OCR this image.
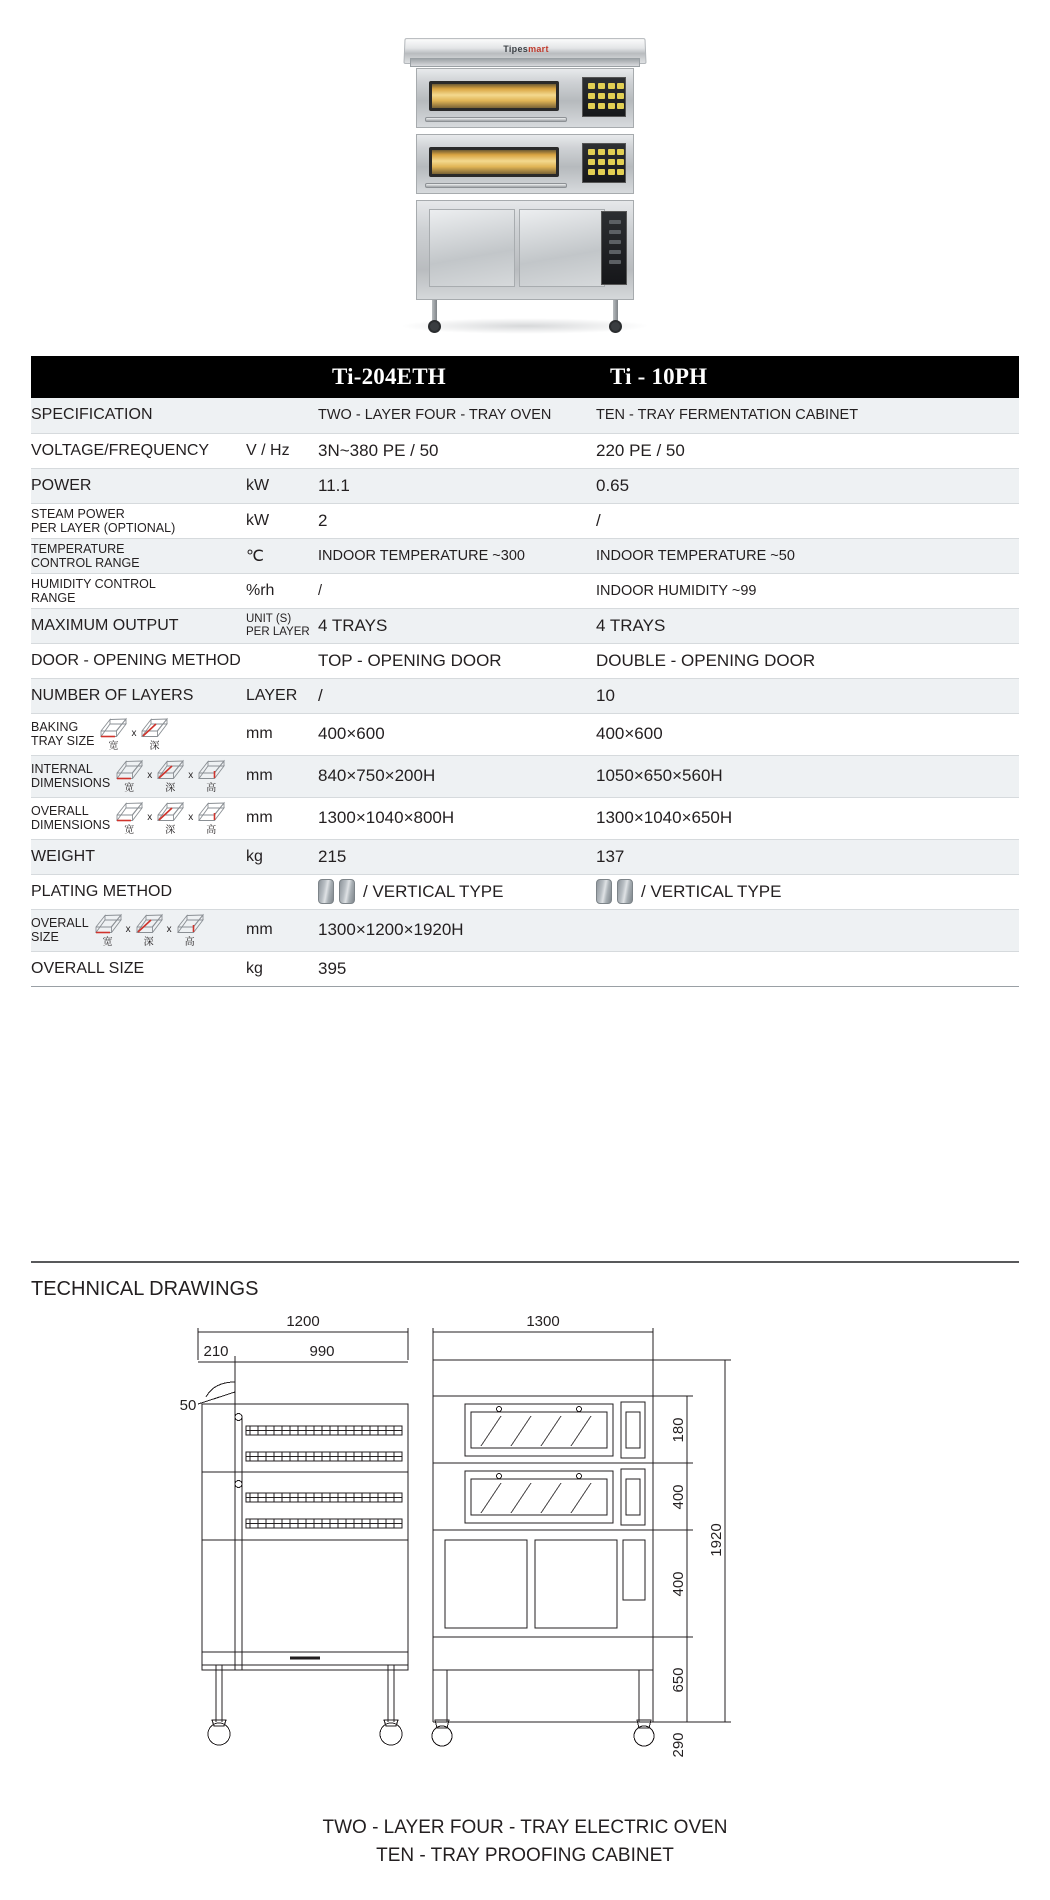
Tipesmart
		Ti-204ETH	Ti - 10PH

SPECIFICATION		TWO - LAYER FOUR - TRAY OVEN	TEN - TRAY FERMENTATION CABINET

VOLTAGE/FREQUENCY	V / Hz	3N~380 PE / 50	220 PE / 50

POWER	kW	11.1	0.65

STEAM POWER
PER LAYER (OPTIONAL)	kW	2	/

TEMPERATURE
CONTROL RANGE	℃	INDOOR TEMPERATURE ~300	INDOOR TEMPERATURE ~50

HUMIDITY CONTROL
RANGE	%rh	/	INDOOR HUMIDITY ~99

MAXIMUM OUTPUT	UNIT (S)
PER LAYER	4 TRAYS	4 TRAYS

DOOR - OPENING METHOD		TOP - OPENING DOOR	DOUBLE - OPENING DOOR

NUMBER OF LAYERS	LAYER	/	10

BAKING
TRAY SIZE 宽
x
深	mm	400×600	400×600

INTERNAL
DIMENSIONS 宽
x
深
x
高
	mm	840×750×200H	1050×650×560H

OVERALL
DIMENSIONS 宽
x
深
x
高
	mm	1300×1040×800H	1300×1040×650H

WEIGHT	kg	215	137

PLATING METHOD		/ VERTICAL TYPE	/ VERTICAL TYPE

OVERALL
SIZE	宽
x
深
x
高
	mm	1300×1200×1920H	

OVERALL SIZE	kg	395	
TECHNICAL DRAWINGS
1200
210	990
50
1300
180
400
400
650
290
1920
TWO - LAYER FOUR - TRAY ELECTRIC OVEN
TEN - TRAY PROOFING CABINET
